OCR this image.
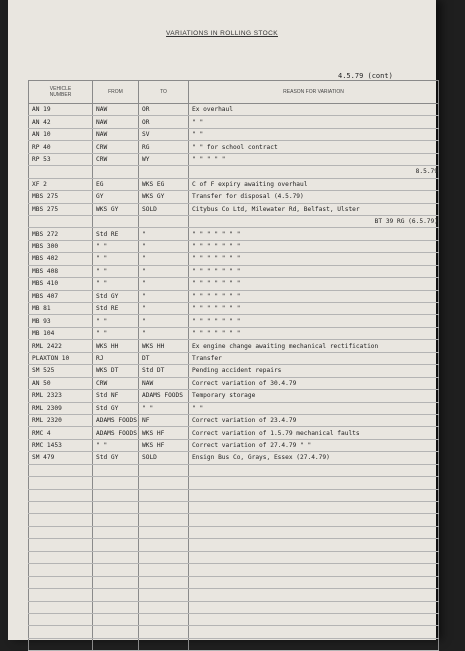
VARIATIONS IN ROLLING STOCK
4.5.79 (cont)
VEHICLE
NUMBER	FROM	TO	REASON FOR VARIATION
AN 19	NAW	OR	Ex overhaul
AN 42	NAW	OR	" "
AN 10	NAW	SV	" "
RP 40	CRW	RG	" " for school contract
RP 53	CRW	WY	" " " " "
			8.5.79
XF 2	EG	WKS EG	C of F expiry awaiting overhaul
MBS 275	GY	WKS GY	Transfer for disposal (4.5.79)
MBS 275	WKS GY	SOLD	Citybus Co Ltd, Milewater Rd, Belfast, Ulster
			BT 39 RG (6.5.79)
MBS 272	Std RE	"	" " " " " " "
MBS 300	" "	"	" " " " " " "
MBS 402	" "	"	" " " " " " "
MBS 408	" "	"	" " " " " " "
MBS 410	" "	"	" " " " " " "
MBS 407	Std GY	"	" " " " " " "
MB 81	Std RE	"	" " " " " " "
MB 93	" "	"	" " " " " " "
MB 104	" "	"	" " " " " " "
RML 2422	WKS HH	WKS HH	Ex engine change awaiting mechanical rectification
PLAXTON 10	RJ	DT	Transfer
SM 525	WKS DT	Std DT	Pending accident repairs
AN 50	CRW	NAW	Correct variation of 30.4.79
RML 2323	Std NF	ADAMS FOODS	Temporary storage
RML 2309	Std GY	" "	" "
RML 2320	ADAMS FOODS	NF	Correct variation of 23.4.79
RMC 4	ADAMS FOODS	WKS HF	Correct variation of 1.5.79 mechanical faults
RMC 1453	" "	WKS HF	Correct variation of 27.4.79 " "
SM 479	Std GY	SOLD	Ensign Bus Co, Grays, Essex (27.4.79)
